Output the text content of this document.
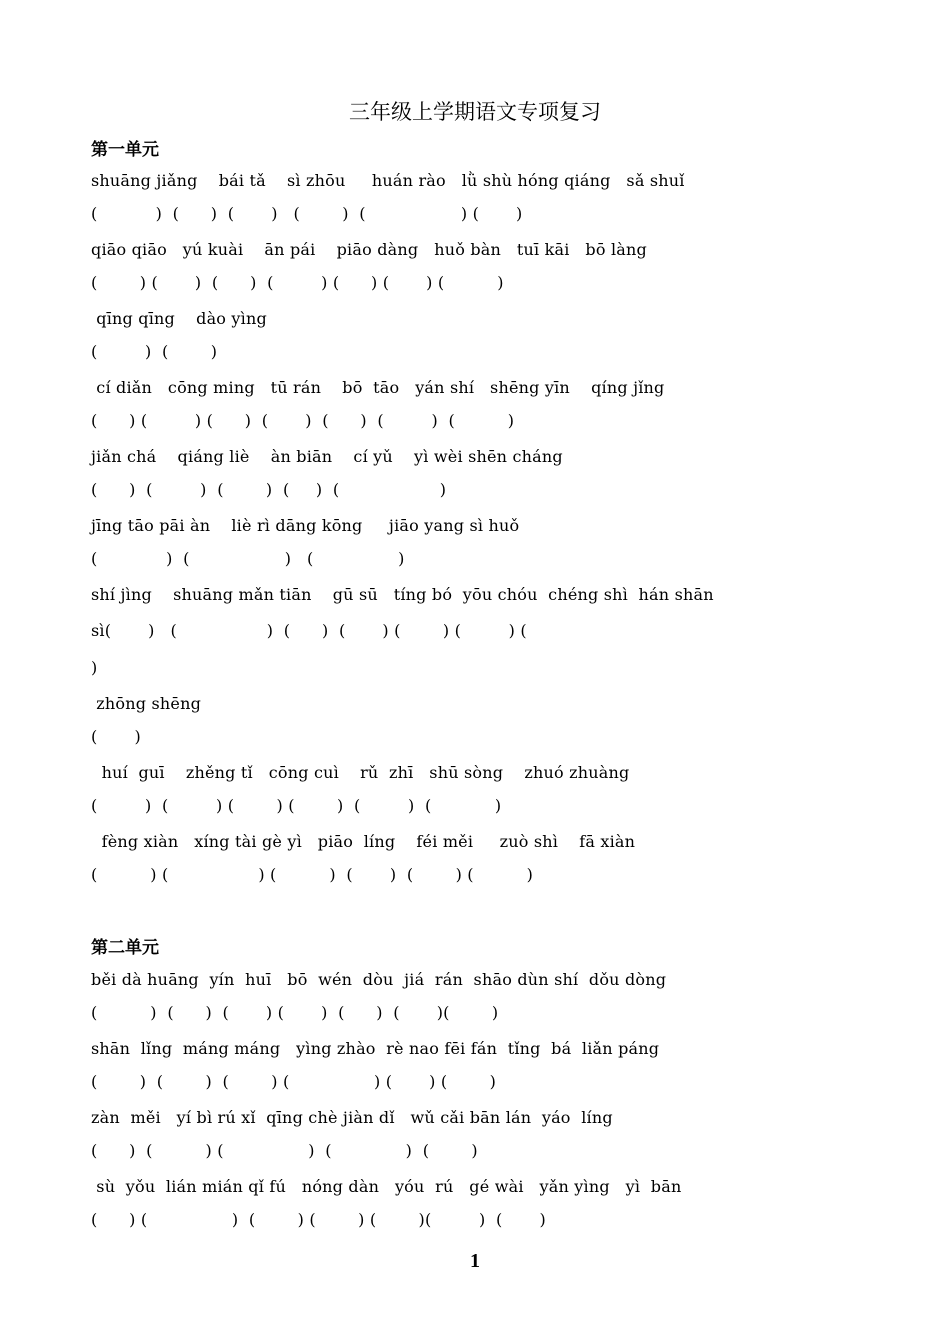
三年级上学期语文专项复习
第一单元
shuāng jiǎng    bái tǎ    sì zhōu     huán rào   lǜ shù hóng qiáng   sǎ shuǐ
(           )  (      )  (       )   (        )  (                  ) (       )
qiāo qiāo   yú kuài    ān pái    piāo dàng   huǒ bàn   tuī kāi   bō làng
(        ) (       )  (      )  (         ) (      ) (       ) (          )
qīng qīng    dào yìng
(         )  (        )
cí diǎn   cōng ming   tū rán    bō  tāo   yán shí   shēng yīn    qíng jǐng
(      ) (         ) (      )  (       )  (      )  (         )  (          )
jiǎn chá    qiáng liè    àn biān    cí yǔ    yì wèi shēn cháng
(      )  (         )  (        )  (     )  (                   )
jīng tāo pāi àn    liè rì dāng kōng     jiāo yang sì huǒ
(             )  (                  )   (                )
shí jìng    shuāng mǎn tiān    gū sū   tíng bó  yōu chóu  chéng shì  hán shān
sì(       )   (                 )  (      )  (       ) (        ) (         ) (
)
zhōng shēng
(       )
huí  guī    zhěng tǐ   cōng cuì    rǔ  zhī   shū sòng    zhuó zhuàng
(         )  (         ) (        ) (        )  (         )  (            )
fèng xiàn   xíng tài gè yì   piāo  líng    féi měi     zuò shì    fā xiàn
(          ) (                 ) (          )  (       )  (        ) (          )
第二单元
běi dà huāng  yín  huī   bō  wén  dòu  jiá  rán  shāo dùn shí  dǒu dòng
(          )  (      )  (       ) (       )  (      )  (       )(        )
shān  lǐng  máng máng   yìng zhào  rè nao fēi fán  tǐng  bá  liǎn páng
(        )  (        )  (        ) (                ) (       ) (        )
zàn  měi   yí bì rú xǐ  qīng chè jiàn dǐ   wǔ cǎi bān lán  yáo  líng
(      )  (          ) (                )  (              )  (        )
sù  yǒu  lián mián qǐ fú   nóng dàn   yóu  rú   gé wài   yǎn yìng   yì  bān
(      ) (                )  (        ) (        ) (        )(         )  (       )
1
